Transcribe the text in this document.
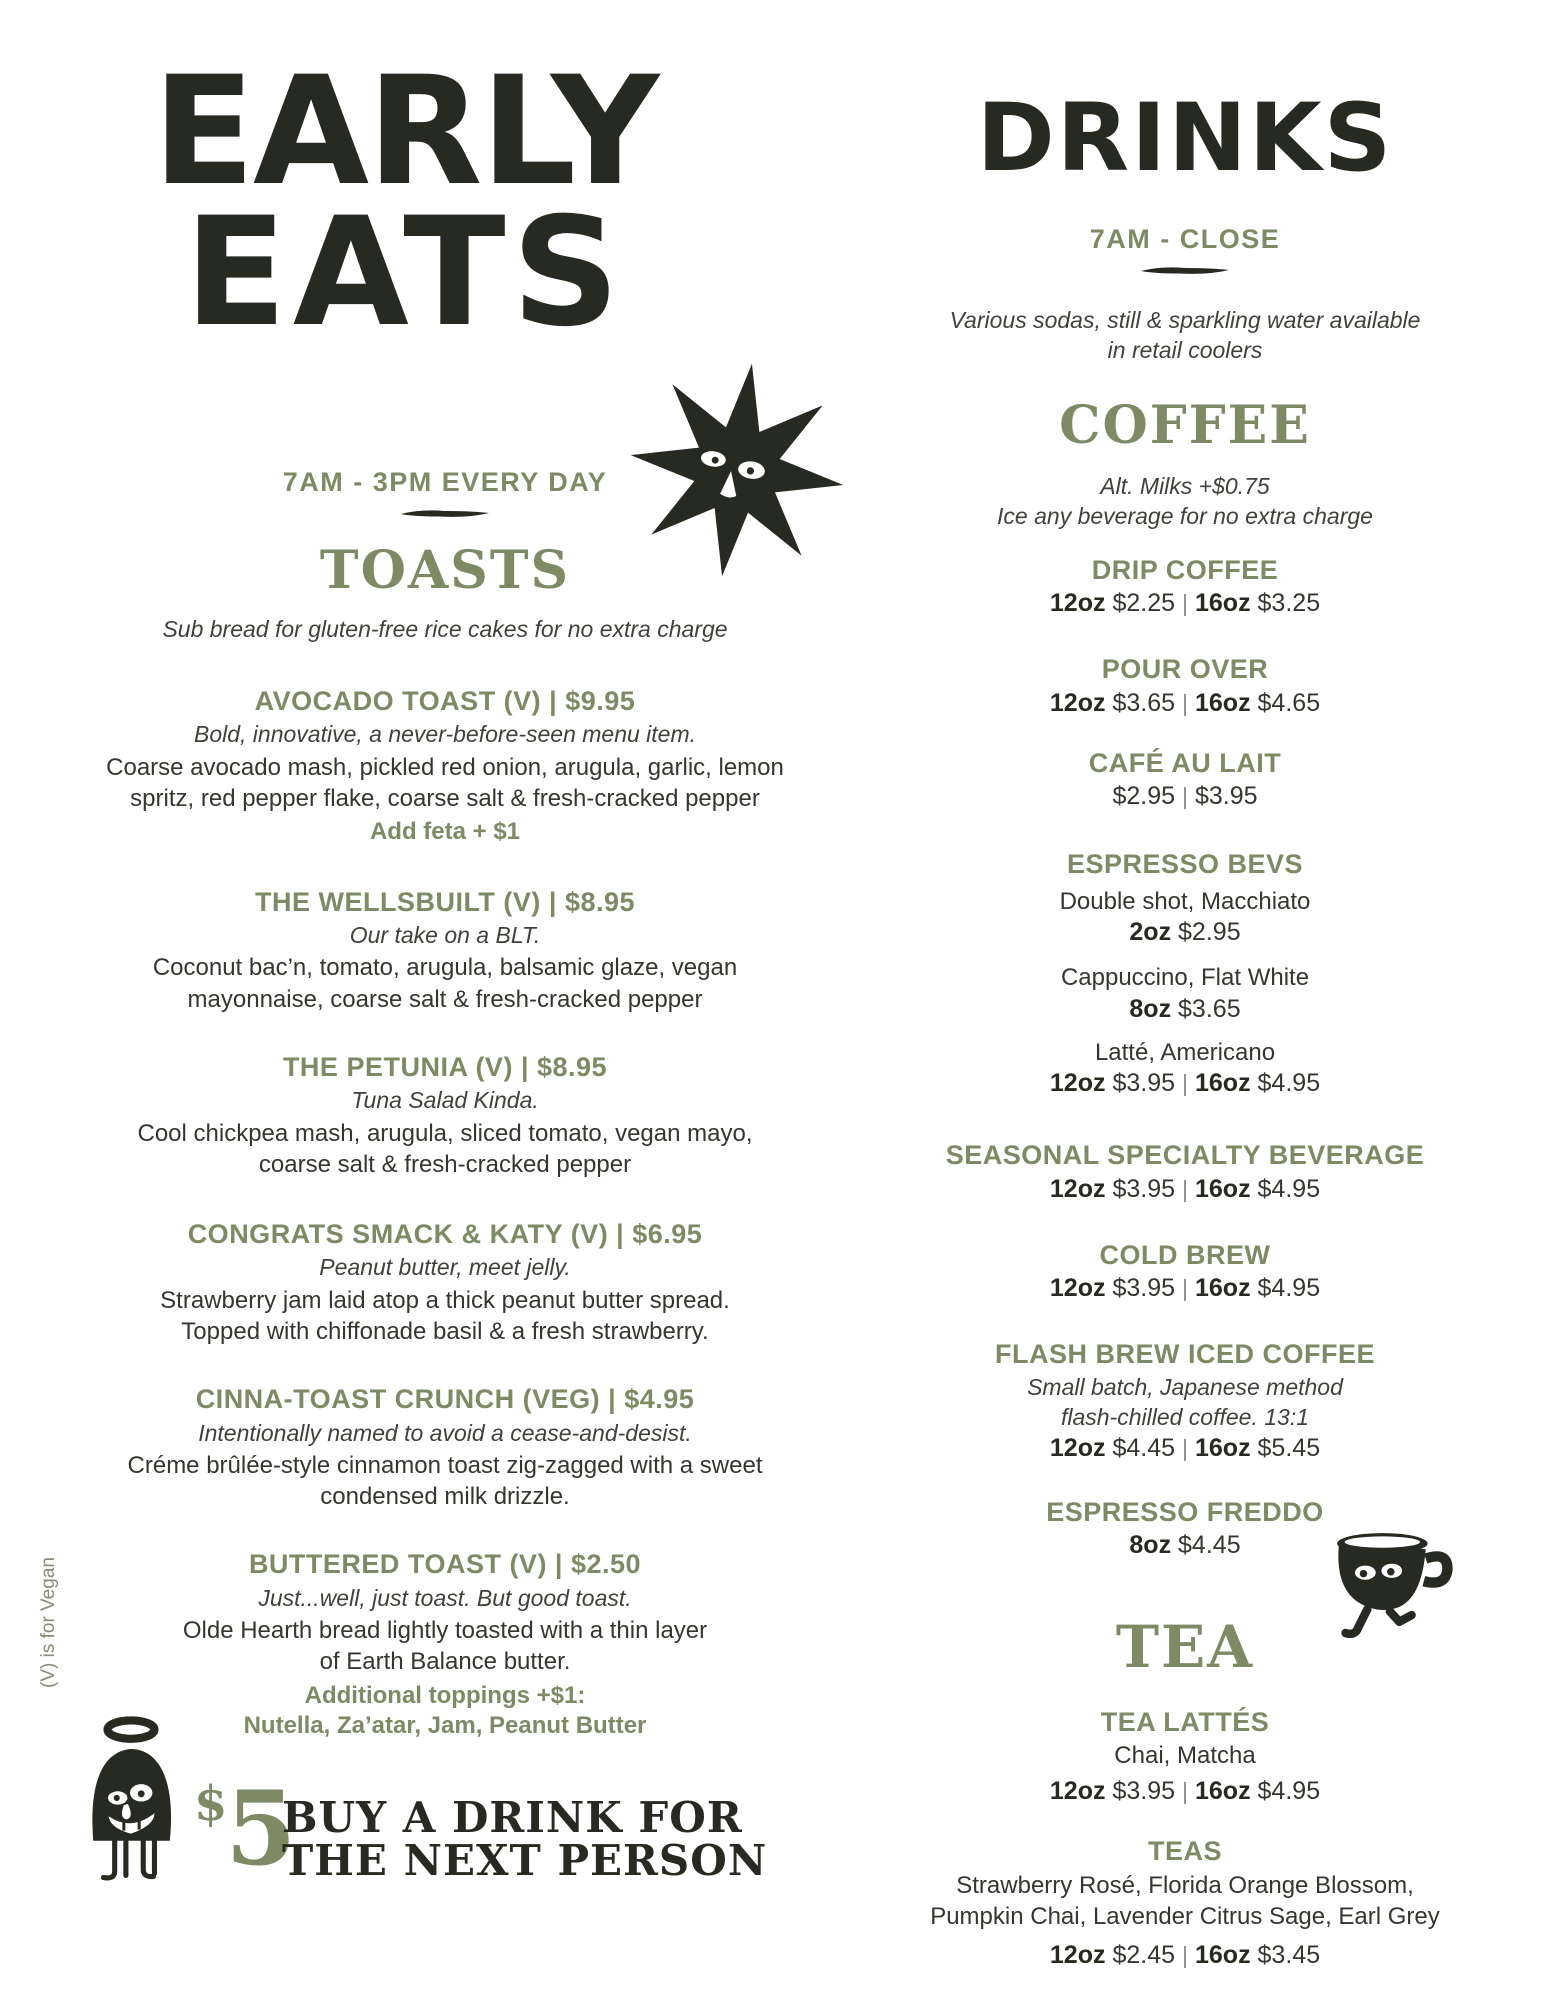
EARLY
EATS
7AM - 3PM EVERY DAY
TOASTS
Sub bread for gluten-free rice cakes for no extra charge
AVOCADO TOAST (V) | $9.95
Bold, innovative, a never-before-seen menu item.
Coarse avocado mash, pickled red onion, arugula, garlic, lemon
spritz, red pepper flake, coarse salt & fresh-cracked pepper
Add feta + $1
THE WELLSBUILT (V) | $8.95
Our take on a BLT.
Coconut bac’n, tomato, arugula, balsamic glaze, vegan
mayonnaise, coarse salt & fresh-cracked pepper
THE PETUNIA (V) | $8.95
Tuna Salad Kinda.
Cool chickpea mash, arugula, sliced tomato, vegan mayo,
coarse salt & fresh-cracked pepper
CONGRATS SMACK & KATY (V) | $6.95
Peanut butter, meet jelly.
Strawberry jam laid atop a thick peanut butter spread.
Topped with chiffonade basil & a fresh strawberry.
CINNA-TOAST CRUNCH (VEG) | $4.95
Intentionally named to avoid a cease-and-desist.
Créme brûlée-style cinnamon toast zig-zagged with a sweet
condensed milk drizzle.
BUTTERED TOAST (V) | $2.50
Just...well, just toast. But good toast.
Olde Hearth bread lightly toasted with a thin layer
of Earth Balance butter.
Additional toppings +$1:
Nutella, Za’atar, Jam, Peanut Butter
(V) is for Vegan
$5
BUY A DRINK FOR
THE NEXT PERSON
DRINKS
7AM - CLOSE
Various sodas, still & sparkling water available
in retail coolers
COFFEE
Alt. Milks +$0.75
Ice any beverage for no extra charge
DRIP COFFEE
12oz $2.25 | 16oz $3.25
POUR OVER
12oz $3.65 | 16oz $4.65
CAFÉ AU LAIT
$2.95 | $3.95
ESPRESSO BEVS
Double shot, Macchiato
2oz $2.95
Cappuccino, Flat White
8oz $3.65
Latté, Americano
12oz $3.95 | 16oz $4.95
SEASONAL SPECIALTY BEVERAGE
12oz $3.95 | 16oz $4.95
COLD BREW
12oz $3.95 | 16oz $4.95
FLASH BREW ICED COFFEE
Small batch, Japanese method
flash-chilled coffee. 13:1
12oz $4.45 | 16oz $5.45
ESPRESSO FREDDO
8oz $4.45
TEA
TEA LATTÉS
Chai, Matcha
12oz $3.95 | 16oz $4.95
TEAS
Strawberry Rosé, Florida Orange Blossom,
Pumpkin Chai, Lavender Citrus Sage, Earl Grey
12oz $2.45 | 16oz $3.45
